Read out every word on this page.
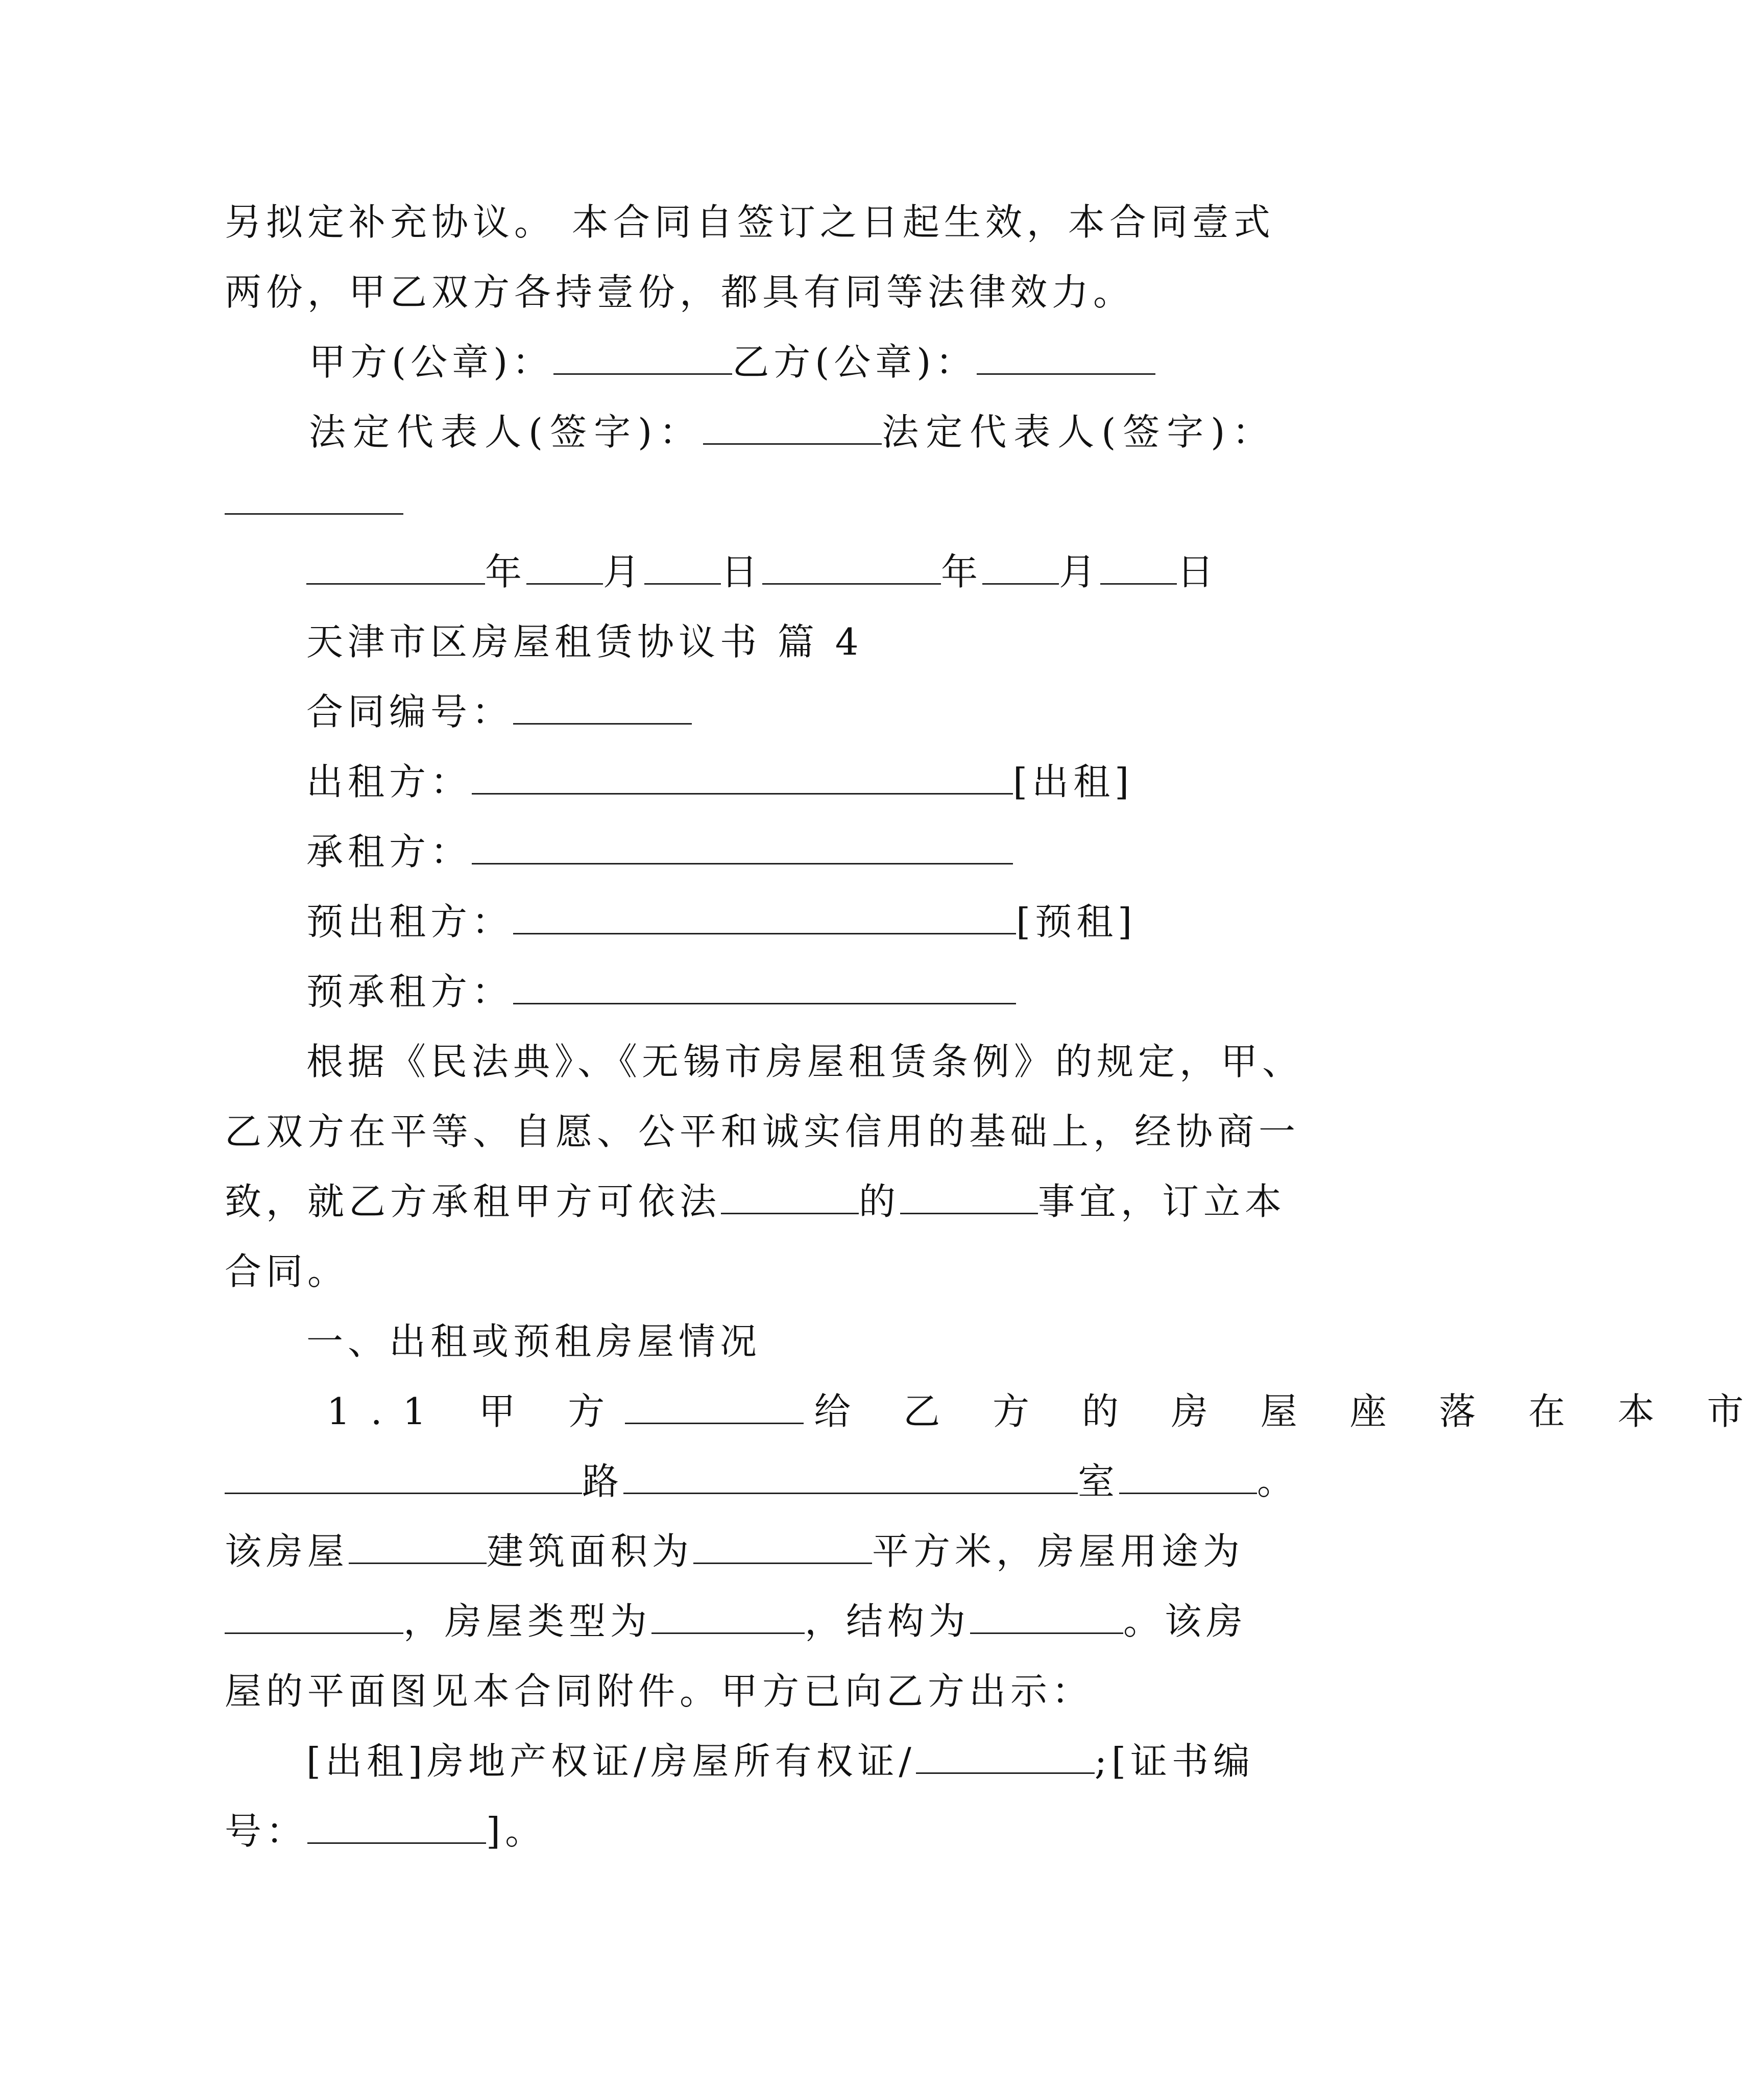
另拟定补充协议。 本合同自签订之日起生效，本合同壹式
两份，甲乙双方各持壹份，都具有同等法律效力。
甲方(公章)：	乙方(公章)：
法定代表人(签字)：	法定代表人(签字)：
年 月 日	年 月 日
天津市区房屋租赁协议书 篇 4
合同编号：
出租方：	[出租]
承租方：
预出租方：	[预租]
预承租方：
根据《民法典》、《无锡市房屋租赁条例》的规定，甲、
乙双方在平等、自愿、公平和诚实信用的基础上，经协商一
致，就乙方承租甲方可依法	的	事宜，订立本
合同。
一、出租或预租房屋情况
1.1 甲 方	给 乙 方 的 房 屋 座 落 在 本 市
路	室	。
该房屋	建筑面积为	平方米，房屋用途为
，房屋类型为	，结构为	。该房
屋的平面图见本合同附件。甲方已向乙方出示：
[出租]房地产权证/房屋所有权证/	;[证书编
号：	]。
